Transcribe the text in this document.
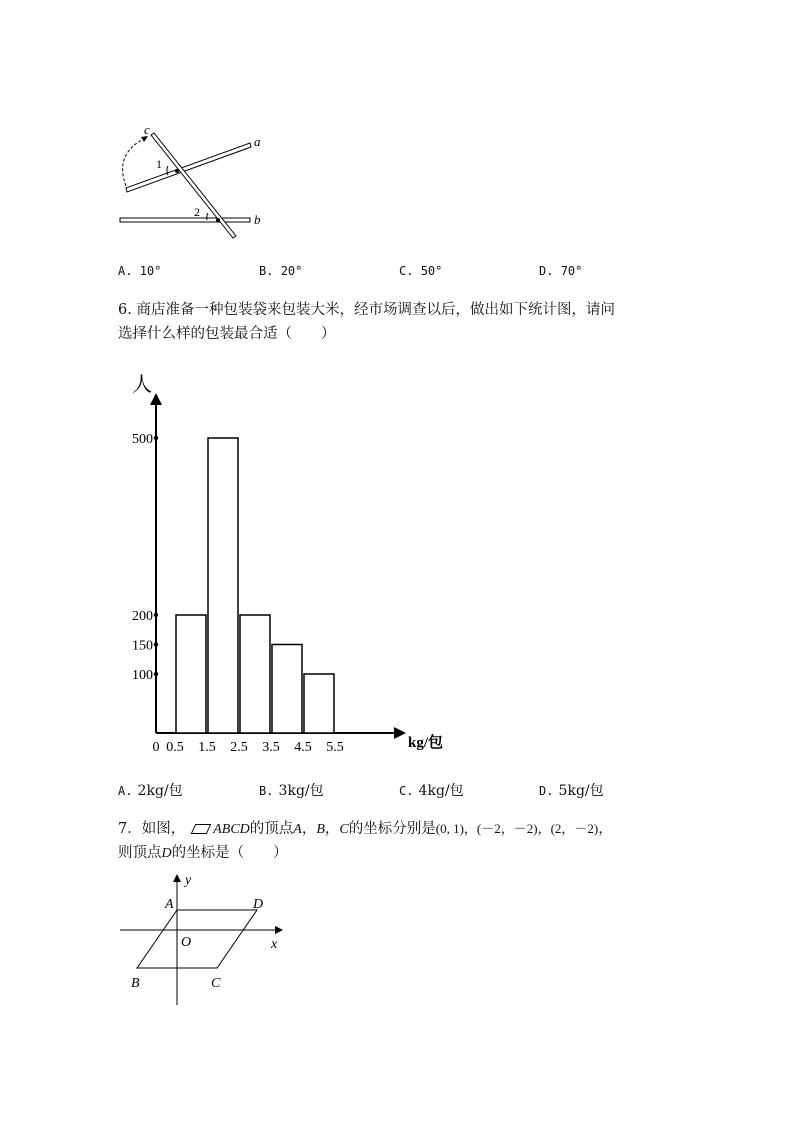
c
a
b
1
2
A. 10°	B. 20°	C. 50°	D. 70°
6. 商店准备一种包装袋来包装大米，经市场调查以后，做出如下统计图，请问
选择什么样的包装最合适（　　）
人
kg/包
100
150
200
500
0 0.5 1.5 2.5 3.5 4.5 5.5
A. 2kg/包	B. 3kg/包	C. 4kg/包	D. 5kg/包
7．如图， ABCD的顶点A，B，C的坐标分别是(0, 1)，(－2，－2)，(2，－2)，
则顶点D的坐标是（　　）
y
x
A	D
O
B	C
